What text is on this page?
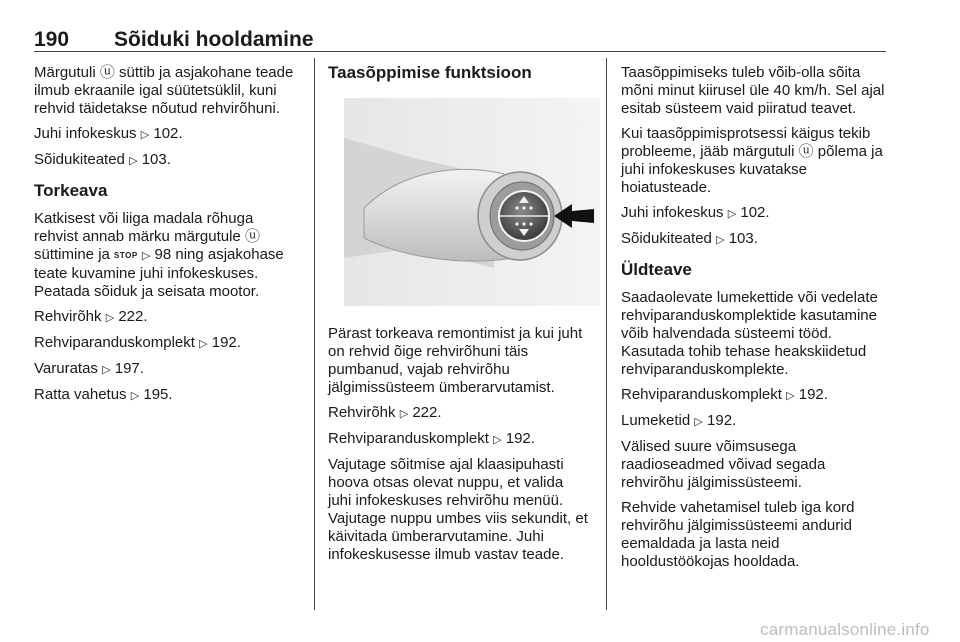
190 Sõiduki hooldamine

Märgutuli ⓤ süttib ja asjakohane teade ilmub ekraanile igal süütetsüklil, kuni rehvid täidetakse nõutud rehvirõhuni.

Juhi infokeskus ▷ 102.

Sõidukiteated ▷ 103.

Torkeava

Katkisest või liiga madala rõhuga rehvist annab märku märgutule ⓤ süttimine ja STOP ▷ 98 ning asjakohase teate kuvamine juhi infokeskuses. Peatada sõiduk ja seisata mootor.

Rehvirõhk ▷ 222.

Rehviparanduskomplekt ▷ 192.

Varuratas ▷ 197.

Ratta vahetus ▷ 195.

Taasõppimise funktsioon

Pärast torkeava remontimist ja kui juht on rehvid õige rehvirõhuni täis pumbanud, vajab rehvirõhu jälgimissüsteem ümberarvutamist.

Rehvirõhk ▷ 222.

Rehviparanduskomplekt ▷ 192.

Vajutage sõitmise ajal klaasipuhasti hoova otsas olevat nuppu, et valida juhi infokeskuses rehvirõhu menüü. Vajutage nuppu umbes viis sekundit, et käivitada ümberarvutamine. Juhi infokeskusesse ilmub vastav teade.

Taasõppimiseks tuleb võib-olla sõita mõni minut kiirusel üle 40 km/h. Sel ajal esitab süsteem vaid piiratud teavet.

Kui taasõppimisprotsessi käigus tekib probleeme, jääb märgutuli ⓤ põlema ja juhi infokeskuses kuvatakse hoiatusteade.

Juhi infokeskus ▷ 102.

Sõidukiteated ▷ 103.

Üldteave

Saadaolevate lumekettide või vedelate rehviparanduskomplektide kasutamine võib halvendada süsteemi tööd. Kasutada tohib tehase heakskiidetud rehviparanduskomplekte.

Rehviparanduskomplekt ▷ 192.

Lumeketid ▷ 192.

Välised suure võimsusega raadioseadmed võivad segada rehvirõhu jälgimissüsteemi.

Rehvide vahetamisel tuleb iga kord rehvirõhu jälgimissüsteemi andurid eemaldada ja lasta neid hooldustöökojas hooldada.

carmanualsonline.info
